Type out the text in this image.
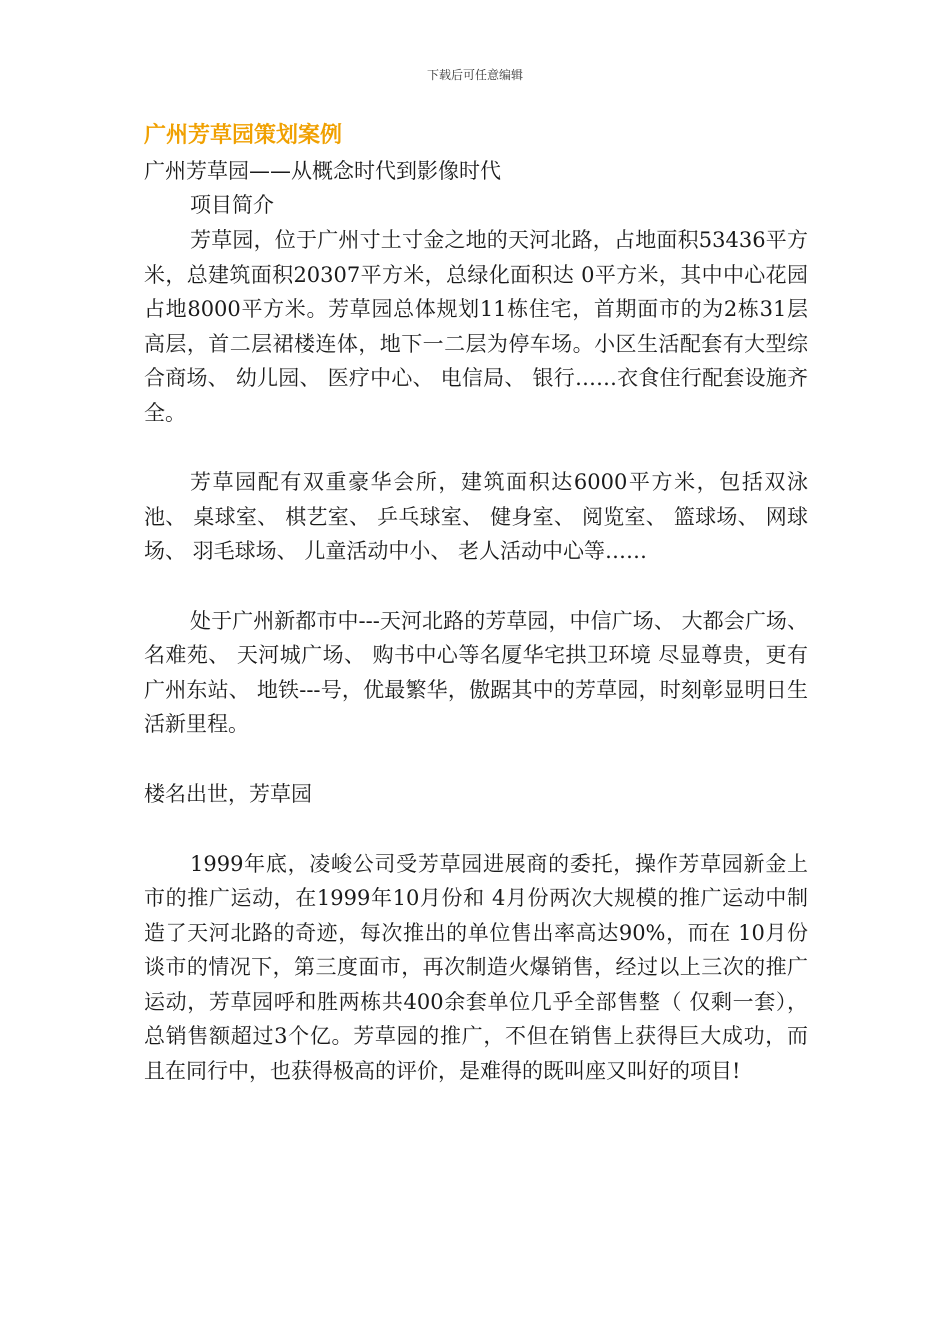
下载后可任意编辑

广州芳草园策划案例

广州芳草园——从概念时代到影像时代

项目简介

芳草园，位于广州寸土寸金之地的天河北路，占地面积53436平方米，总建筑面积20307平方米，总绿化面积达 0平方米，其中中心花园占地8000平方米。芳草园总体规划11栋住宅，首期面市的为2栋31层高层，首二层裙楼连体，地下一二层为停车场。小区生活配套有大型综合商场、 幼儿园、 医疗中心、 电信局、 银行……衣食住行配套设施齐全。

芳草园配有双重豪华会所，建筑面积达6000平方米，包括双泳池、 桌球室、 棋艺室、 乒乓球室、 健身室、 阅览室、 篮球场、 网球场、 羽毛球场、 儿童活动中小、 老人活动中心等……

处于广州新都市中---天河北路的芳草园，中信广场、 大都会广场、 名难苑、 天河城广场、 购书中心等名厦华宅拱卫环境 尽显尊贵，更有广州东站、 地铁---号，优最繁华，傲踞其中的芳草园，时刻彰显明日生活新里程。

楼名出世，芳草园

1999年底，凌峻公司受芳草园进展商的委托，操作芳草园新金上市的推广运动，在1999年10月份和 4月份两次大规模的推广运动中制造了天河北路的奇迹，每次推出的单位售出率高达90%，而在 10月份谈市的情况下，第三度面市，再次制造火爆销售，经过以上三次的推广运动，芳草园呼和胜两栋共400余套单位几乎全部售整（ 仅剩一套），总销售额超过3个亿。芳草园的推广，不但在销售上获得巨大成功，而且在同行中，也获得极高的评价，是难得的既叫座又叫好的项目!
